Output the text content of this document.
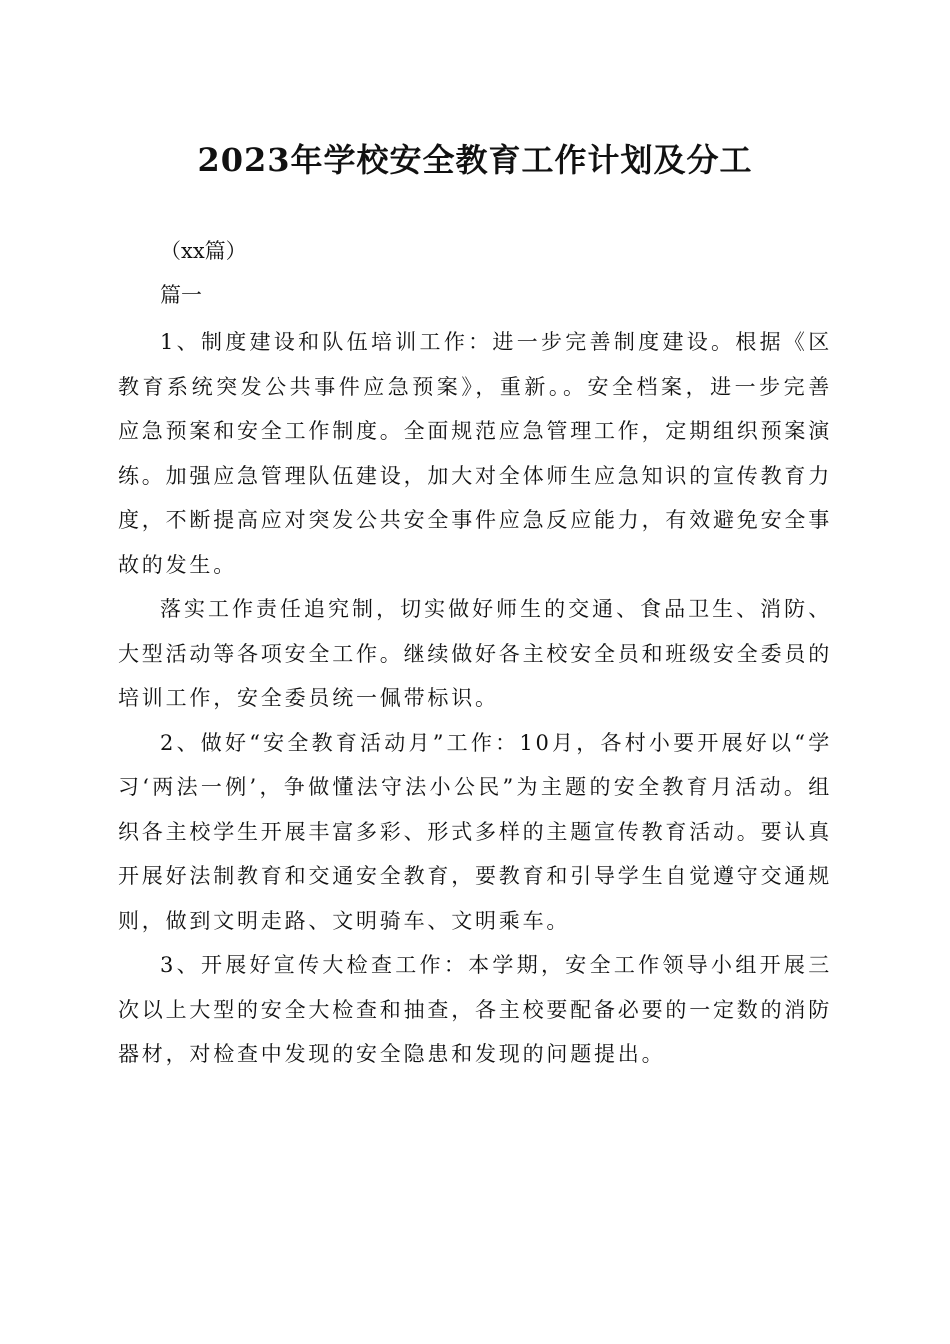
2023年学校安全教育工作计划及分工
（xx篇）
篇一

1、制度建设和队伍培训工作：进一步完善制度建设。根据《区教育系统突发公共事件应急预案》，重新。。安全档案，进一步完善应急预案和安全工作制度。全面规范应急管理工作，定期组织预案演练。加强应急管理队伍建设，加大对全体师生应急知识的宣传教育力度，不断提高应对突发公共安全事件应急反应能力，有效避免安全事故的发生。

落实工作责任追究制，切实做好师生的交通、食品卫生、消防、大型活动等各项安全工作。继续做好各主校安全员和班级安全委员的培训工作，安全委员统一佩带标识。

2、做好“安全教育活动月”工作：10月，各村小要开展好以“学习‘两法一例’，争做懂法守法小公民”为主题的安全教育月活动。组织各主校学生开展丰富多彩、形式多样的主题宣传教育活动。要认真开展好法制教育和交通安全教育，要教育和引导学生自觉遵守交通规则，做到文明走路、文明骑车、文明乘车。

3、开展好宣传大检查工作：本学期，安全工作领导小组开展三次以上大型的安全大检查和抽查，各主校要配备必要的一定数的消防器材，对检查中发现的安全隐患和发现的问题提出。
